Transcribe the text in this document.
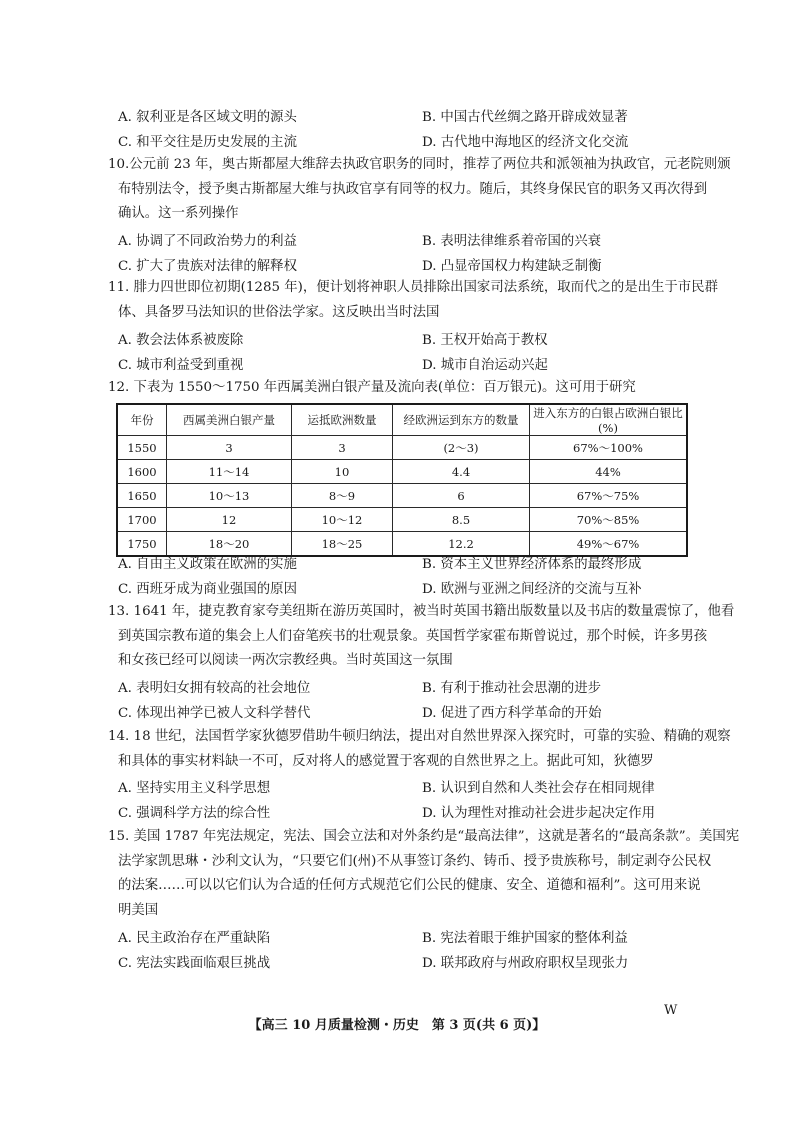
A. 叙利亚是各区域文明的源头	B. 中国古代丝绸之路开辟成效显著
C. 和平交往是历史发展的主流	D. 古代地中海地区的经济文化交流
10.公元前 23 年，奥古斯都屋大维辞去执政官职务的同时，推荐了两位共和派领袖为执政官，元老院则颁
布特别法令，授予奥古斯都屋大维与执政官享有同等的权力。随后，其终身保民官的职务又再次得到
确认。这一系列操作
A. 协调了不同政治势力的利益	B. 表明法律维系着帝国的兴衰
C. 扩大了贵族对法律的解释权	D. 凸显帝国权力构建缺乏制衡
11. 腓力四世即位初期(1285 年)，便计划将神职人员排除出国家司法系统，取而代之的是出生于市民群
体、具备罗马法知识的世俗法学家。这反映出当时法国
A. 教会法体系被废除	B. 王权开始高于教权
C. 城市利益受到重视	D. 城市自治运动兴起
12. 下表为 1550～1750 年西属美洲白银产量及流向表(单位：百万银元)。这可用于研究
年份	西属美洲白银产量	运抵欧洲数量	经欧洲运到东方的数量	进入东方的白银占欧洲白银比(%)
1550	3	3	(2～3)	67%～100%
1600	11～14	10	4.4	44%
1650	10～13	8～9	6	67%～75%
1700	12	10～12	8.5	70%～85%
1750	18～20	18～25	12.2	49%～67%
A. 自由主义政策在欧洲的实施	B. 资本主义世界经济体系的最终形成
C. 西班牙成为商业强国的原因	D. 欧洲与亚洲之间经济的交流与互补
13. 1641 年，捷克教育家夸美纽斯在游历英国时，被当时英国书籍出版数量以及书店的数量震惊了，他看
到英国宗教布道的集会上人们奋笔疾书的壮观景象。英国哲学家霍布斯曾说过，那个时候，许多男孩
和女孩已经可以阅读一两次宗教经典。当时英国这一氛围
A. 表明妇女拥有较高的社会地位	B. 有利于推动社会思潮的进步
C. 体现出神学已被人文科学替代	D. 促进了西方科学革命的开始
14. 18 世纪，法国哲学家狄德罗借助牛顿归纳法，提出对自然世界深入探究时，可靠的实验、精确的观察
和具体的事实材料缺一不可，反对将人的感觉置于客观的自然世界之上。据此可知，狄德罗
A. 坚持实用主义科学思想	B. 认识到自然和人类社会存在相同规律
C. 强调科学方法的综合性	D. 认为理性对推动社会进步起决定作用
15. 美国 1787 年宪法规定，宪法、国会立法和对外条约是“最高法律”，这就是著名的“最高条款”。美国宪
法学家凯思琳・沙利文认为，“只要它们(州)不从事签订条约、铸币、授予贵族称号，制定剥夺公民权
的法案……可以以它们认为合适的任何方式规范它们公民的健康、安全、道德和福利”。这可用来说
明美国
A. 民主政治存在严重缺陷	B. 宪法着眼于维护国家的整体利益
C. 宪法实践面临艰巨挑战	D. 联邦政府与州政府职权呈现张力
【高三 10 月质量检测・历史　第 3 页(共 6 页)】
W
